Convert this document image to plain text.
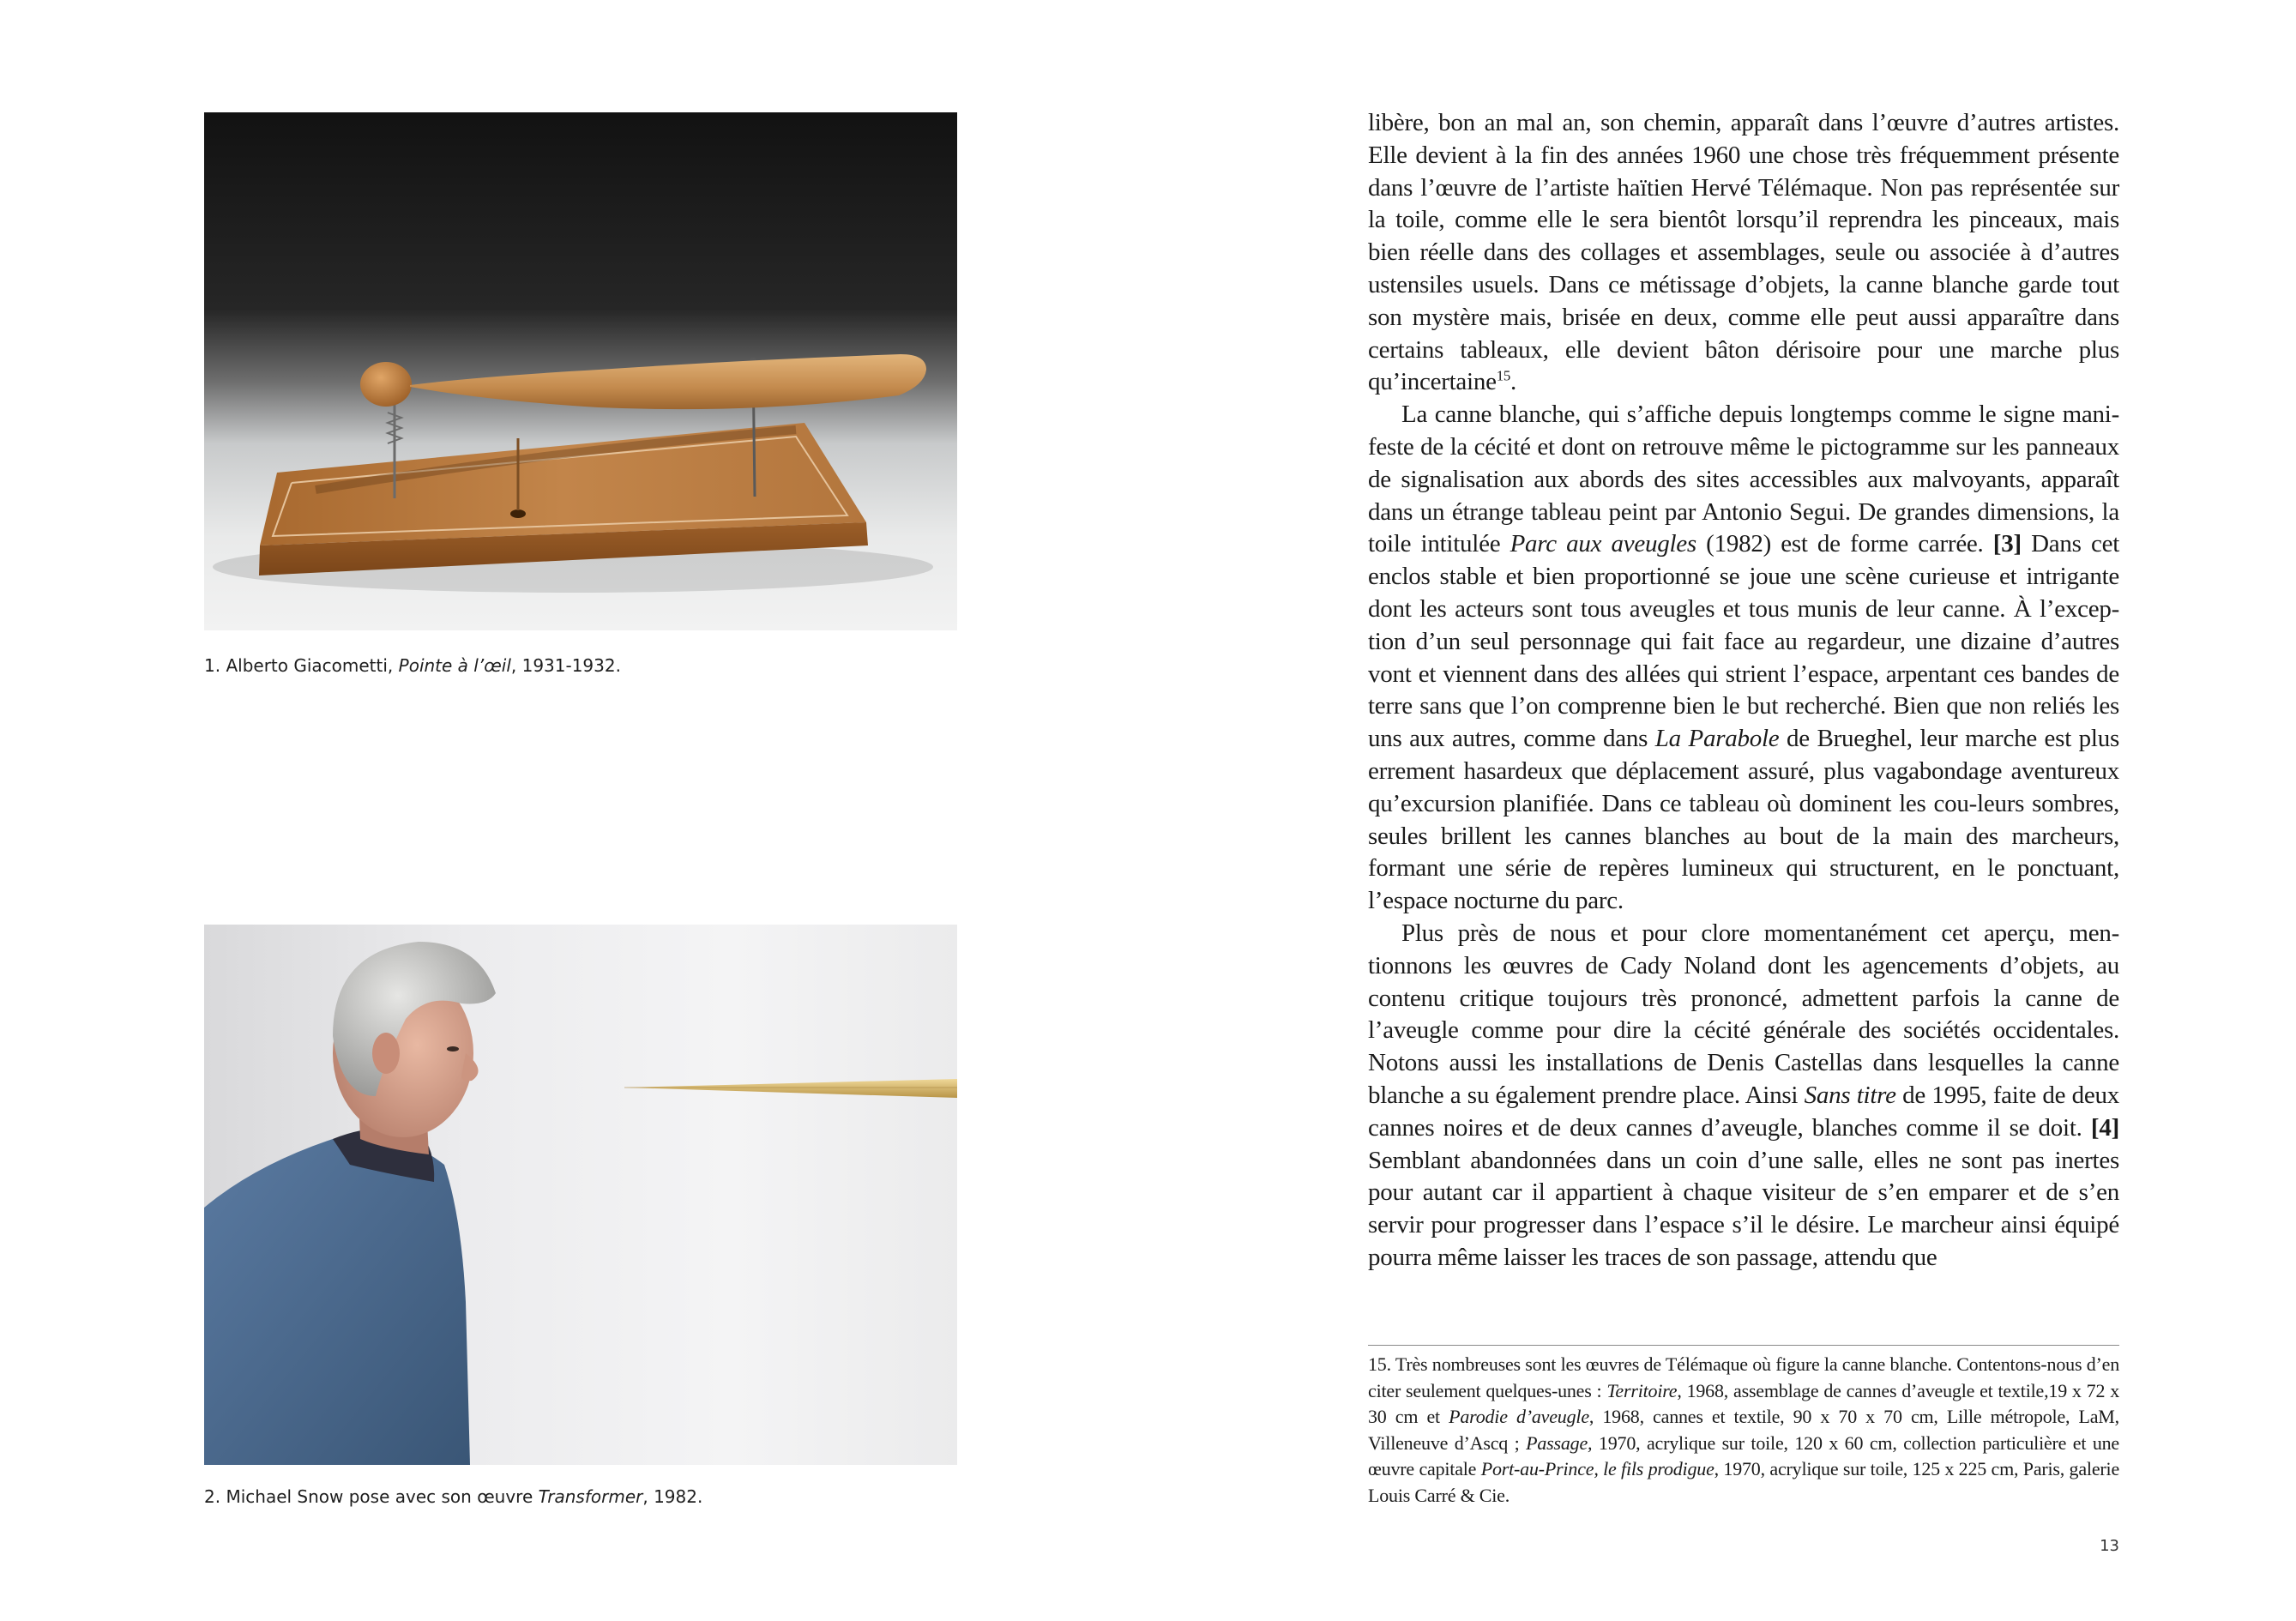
1. Alberto Giacometti, Pointe à l’œil, 1931-1932.
2. Michael Snow pose avec son œuvre Transformer, 1982.

libère, bon an mal an, son chemin, apparaît dans l’œuvre d’autres artistes. Elle devient à la fin des années 1960 une chose très fréquemment présente dans l’œuvre de l’artiste haïtien Hervé Télémaque. Non pas représentée sur la toile, comme elle le sera bientôt lorsqu’il reprendra les pinceaux, mais bien réelle dans des collages et assemblages, seule ou associée à d’autres ustensiles usuels. Dans ce métissage d’objets, la canne blanche garde tout son mystère mais, brisée en deux, comme elle peut aussi apparaître dans certains tableaux, elle devient bâton dérisoire pour une marche plus qu’incertaine$^{15}$.

La canne blanche, qui s’affiche depuis longtemps comme le signe mani-feste de la cécité et dont on retrouve même le pictogramme sur les panneaux de signalisation aux abords des sites accessibles aux malvoyants, apparaît dans un étrange tableau peint par Antonio Segui. De grandes dimensions, la toile intitulée Parc aux aveugles (1982) est de forme carrée. [3] Dans cet enclos stable et bien proportionné se joue une scène curieuse et intrigante dont les acteurs sont tous aveugles et tous munis de leur canne. À l’excep-tion d’un seul personnage qui fait face au regardeur, une dizaine d’autres vont et viennent dans des allées qui strient l’espace, arpentant ces bandes de terre sans que l’on comprenne bien le but recherché. Bien que non reliés les uns aux autres, comme dans La Parabole de Brueghel, leur marche est plus errement hasardeux que déplacement assuré, plus vagabondage aventureux qu’excursion planifiée. Dans ce tableau où dominent les cou-leurs sombres, seules brillent les cannes blanches au bout de la main des marcheurs, formant une série de repères lumineux qui structurent, en le ponctuant, l’espace nocturne du parc.

Plus près de nous et pour clore momentanément cet aperçu, men-tionnons les œuvres de Cady Noland dont les agencements d’objets, au contenu critique toujours très prononcé, admettent parfois la canne de l’aveugle comme pour dire la cécité générale des sociétés occidentales. Notons aussi les installations de Denis Castellas dans lesquelles la canne blanche a su également prendre place. Ainsi Sans titre de 1995, faite de deux cannes noires et de deux cannes d’aveugle, blanches comme il se doit. [4] Semblant abandonnées dans un coin d’une salle, elles ne sont pas inertes pour autant car il appartient à chaque visiteur de s’en emparer et de s’en servir pour progresser dans l’espace s’il le désire. Le marcheur ainsi équipé pourra même laisser les traces de son passage, attendu que

15. Très nombreuses sont les œuvres de Télémaque où figure la canne blanche. Contentons-nous d’en citer seulement quelques-unes : Territoire, 1968, assemblage de cannes d’aveugle et textile,19 x 72 x 30 cm et Parodie d’aveugle, 1968, cannes et textile, 90 x 70 x 70 cm, Lille métropole, LaM, Villeneuve d’Ascq ; Passage, 1970, acrylique sur toile, 120 x 60 cm, collection particulière et une œuvre capitale Port-au-Prince, le fils prodigue, 1970, acrylique sur toile, 125 x 225 cm, Paris, galerie Louis Carré & Cie.

13
